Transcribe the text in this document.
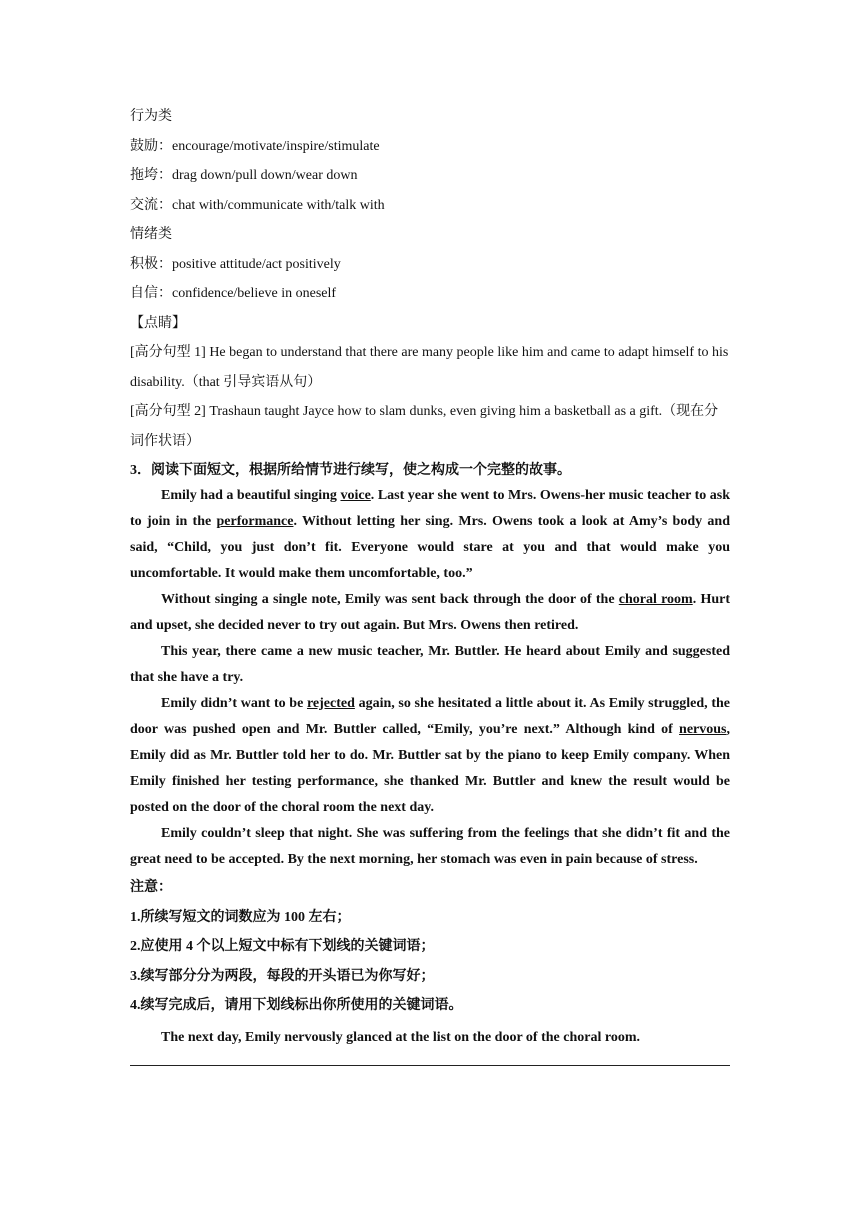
行为类
鼓励：encourage/motivate/inspire/stimulate
拖垮：drag down/pull down/wear down
交流：chat with/communicate with/talk with
情绪类
积极：positive attitude/act positively
自信：confidence/believe in oneself
【点睛】
[高分句型 1] He began to understand that there are many people like him and came to adapt himself to his disability.（that 引导宾语从句）
[高分句型 2] Trashaun taught Jayce how to slam dunks, even giving him a basketball as a gift.（现在分词作状语）
3．阅读下面短文，根据所给情节进行续写，使之构成一个完整的故事。
Emily had a beautiful singing voice. Last year she went to Mrs. Owens-her music teacher to ask to join in the performance. Without letting her sing. Mrs. Owens took a look at Amy’s body and said, “Child, you just don’t fit. Everyone would stare at you and that would make you uncomfortable. It would make them uncomfortable, too.”
Without singing a single note, Emily was sent back through the door of the choral room. Hurt and upset, she decided never to try out again. But Mrs. Owens then retired.
This year, there came a new music teacher, Mr. Buttler. He heard about Emily and suggested that she have a try.
Emily didn’t want to be rejected again, so she hesitated a little about it. As Emily struggled, the door was pushed open and Mr. Buttler called, “Emily, you’re next.” Although kind of nervous, Emily did as Mr. Buttler told her to do. Mr. Buttler sat by the piano to keep Emily company. When Emily finished her testing performance, she thanked Mr. Buttler and knew the result would be posted on the door of the choral room the next day.
Emily couldn’t sleep that night. She was suffering from the feelings that she didn’t fit and the great need to be accepted. By the next morning, her stomach was even in pain because of stress.
注意：
1.所续写短文的词数应为 100 左右；
2.应使用 4 个以上短文中标有下划线的关键词语；
3.续写部分分为两段，每段的开头语已为你写好；
4.续写完成后，请用下划线标出你所使用的关键词语。
The next day, Emily nervously glanced at the list on the door of the choral room.
